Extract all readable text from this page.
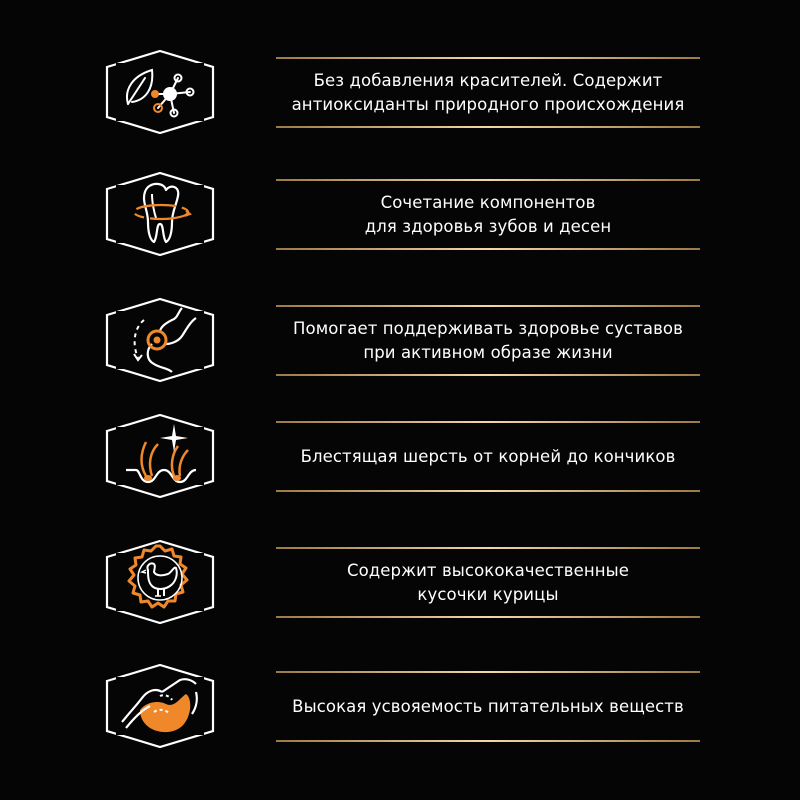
Без добавления красителей. Содержит
антиоксиданты природного происхождения
Сочетание компонентов
для здоровья зубов и десен
Помогает поддерживать здоровье суставов
при активном образе жизни
Блестящая шерсть от корней до кончиков
Содержит высококачественные
кусочки курицы
Высокая усвояемость питательных веществ
